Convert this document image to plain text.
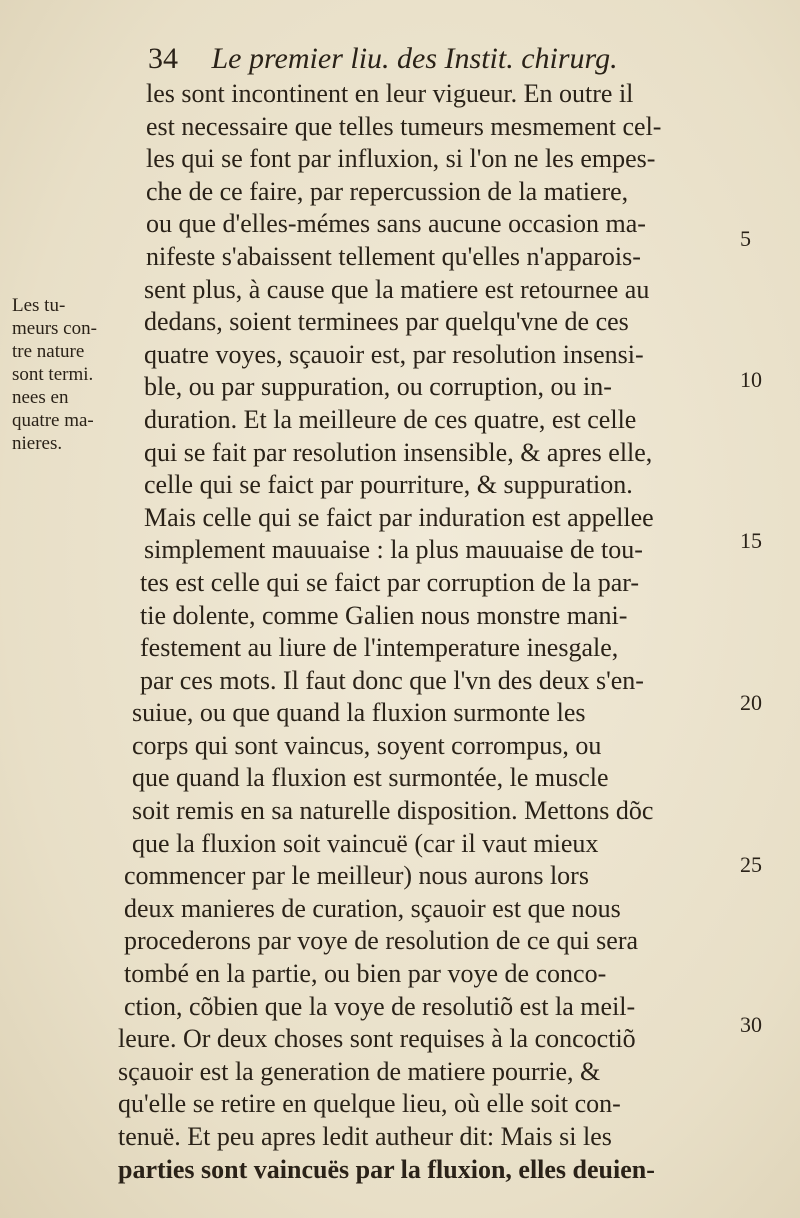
34 Le premier liu. des Instit. chirurg.
Les tu-
meurs con-
tre nature
sont termi.
nees en
quatre ma-
nieres.
les sont incontinent en leur vigueur. En outre il
est necessaire que telles tumeurs mesmement cel-
les qui se font par influxion, si l'on ne les empes-
che de ce faire, par repercussion de la matiere,
ou que d'elles-mémes sans aucune occasion ma-
nifeste s'abaissent tellement qu'elles n'apparois-
sent plus, à cause que la matiere est retournee au
dedans, soient terminees par quelqu'vne de ces
quatre voyes, sçauoir est, par resolution insensi-
ble, ou par suppuration, ou corruption, ou in-
duration. Et la meilleure de ces quatre, est celle
qui se fait par resolution insensible, & apres elle,
celle qui se faict par pourriture, & suppuration.
Mais celle qui se faict par induration est appellee
simplement mauuaise : la plus mauuaise de tou-
tes est celle qui se faict par corruption de la par-
tie dolente, comme Galien nous monstre mani-
festement au liure de l'intemperature inesgale,
par ces mots. Il faut donc que l'vn des deux s'en-
suiue, ou que quand la fluxion surmonte les
corps qui sont vaincus, soyent corrompus, ou
que quand la fluxion est surmontée, le muscle
soit remis en sa naturelle disposition. Mettons dõc
que la fluxion soit vaincuë (car il vaut mieux
commencer par le meilleur) nous aurons lors
deux manieres de curation, sçauoir est que nous
procederons par voye de resolution de ce qui sera
tombé en la partie, ou bien par voye de conco-
ction, cõbien que la voye de resolutiõ est la meil-
leure. Or deux choses sont requises à la concoctiõ
sçauoir est la generation de matiere pourrie, &
qu'elle se retire en quelque lieu, où elle soit con-
tenuë. Et peu apres ledit autheur dit: Mais si les
parties sont vaincuës par la fluxion, elles deuien-
5
10
15
20
25
30
